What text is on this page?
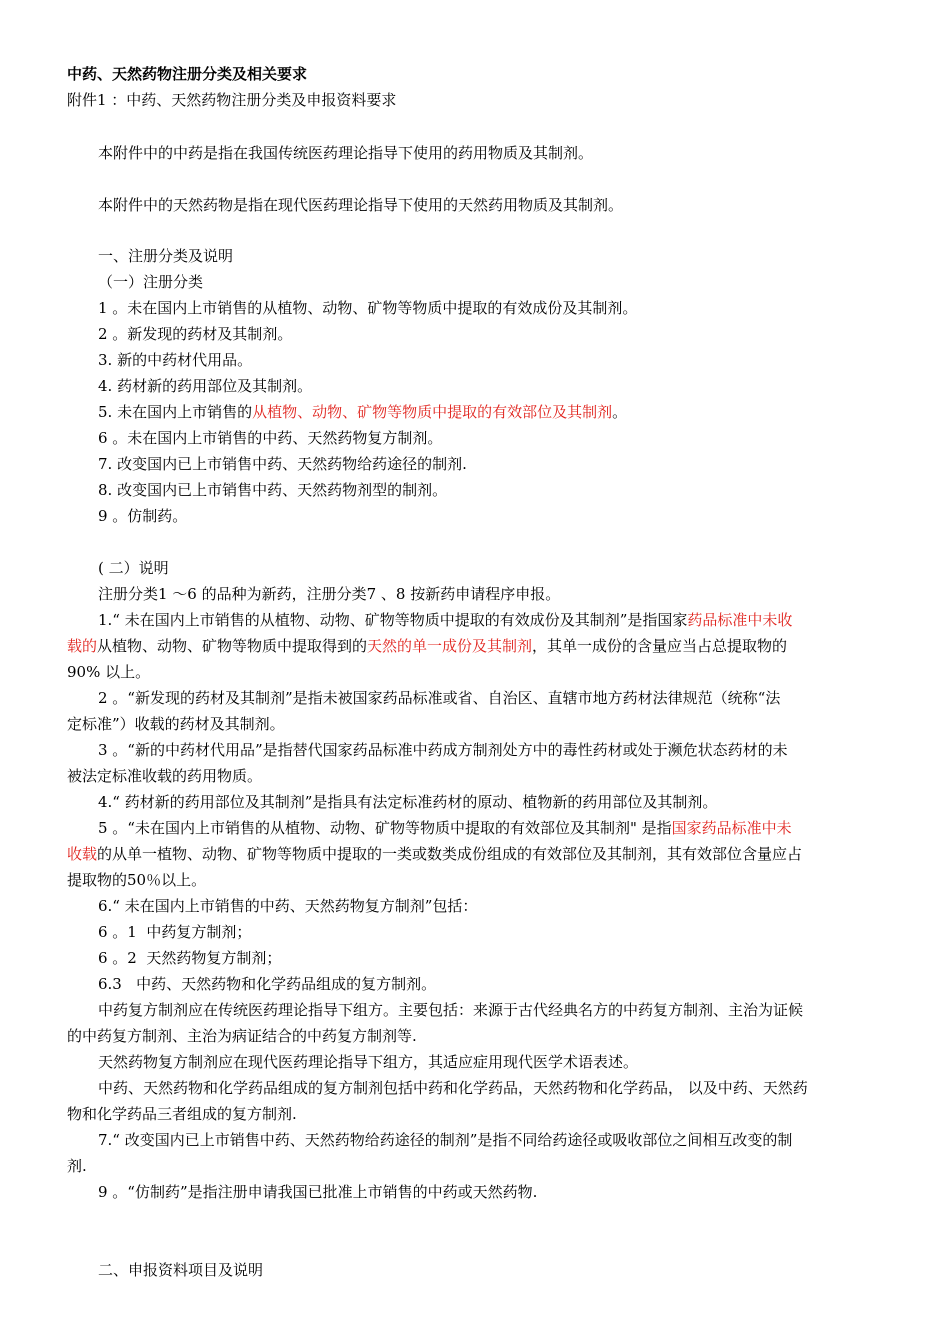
中药、天然药物注册分类及相关要求
附件1 ：中药、天然药物注册分类及申报资料要求
本附件中的中药是指在我国传统医药理论指导下使用的药用物质及其制剂。
本附件中的天然药物是指在现代医药理论指导下使用的天然药用物质及其制剂。
一、注册分类及说明
（一）注册分类
1 。未在国内上市销售的从植物、动物、矿物等物质中提取的有效成份及其制剂。
2 。新发现的药材及其制剂。
3. 新的中药材代用品。
4. 药材新的药用部位及其制剂。
5. 未在国内上市销售的从植物、动物、矿物等物质中提取的有效部位及其制剂。
6 。未在国内上市销售的中药、天然药物复方制剂。
7. 改变国内已上市销售中药、天然药物给药途径的制剂.
8. 改变国内已上市销售中药、天然药物剂型的制剂。
9 。仿制药。
( 二）说明
注册分类1 ～6 的品种为新药，注册分类7 、8 按新药申请程序申报。
1.“ 未在国内上市销售的从植物、动物、矿物等物质中提取的有效成份及其制剂”是指国家药品标准中未收
载的从植物、动物、矿物等物质中提取得到的天然的单一成份及其制剂，其单一成份的含量应当占总提取物的
90% 以上。
2 。“新发现的药材及其制剂”是指未被国家药品标准或省、自治区、直辖市地方药材法律规范（统称“法
定标准”）收载的药材及其制剂。
3 。“新的中药材代用品”是指替代国家药品标准中药成方制剂处方中的毒性药材或处于濒危状态药材的未
被法定标准收载的药用物质。
4.“ 药材新的药用部位及其制剂”是指具有法定标准药材的原动、植物新的药用部位及其制剂。
5 。“未在国内上市销售的从植物、动物、矿物等物质中提取的有效部位及其制剂" 是指国家药品标准中未
收载的从单一植物、动物、矿物等物质中提取的一类或数类成份组成的有效部位及其制剂，其有效部位含量应占
提取物的50％以上。
6.“ 未在国内上市销售的中药、天然药物复方制剂”包括：
6 。1  中药复方制剂；
6 。2  天然药物复方制剂；
6.3   中药、天然药物和化学药品组成的复方制剂。
中药复方制剂应在传统医药理论指导下组方。主要包括：来源于古代经典名方的中药复方制剂、主治为证候
的中药复方制剂、主治为病证结合的中药复方制剂等.
天然药物复方制剂应在现代医药理论指导下组方，其适应症用现代医学术语表述。
中药、天然药物和化学药品组成的复方制剂包括中药和化学药品，天然药物和化学药品， 以及中药、天然药
物和化学药品三者组成的复方制剂.
7.“ 改变国内已上市销售中药、天然药物给药途径的制剂”是指不同给药途径或吸收部位之间相互改变的制
剂.
9 。“仿制药”是指注册申请我国已批准上市销售的中药或天然药物.
二、申报资料项目及说明
